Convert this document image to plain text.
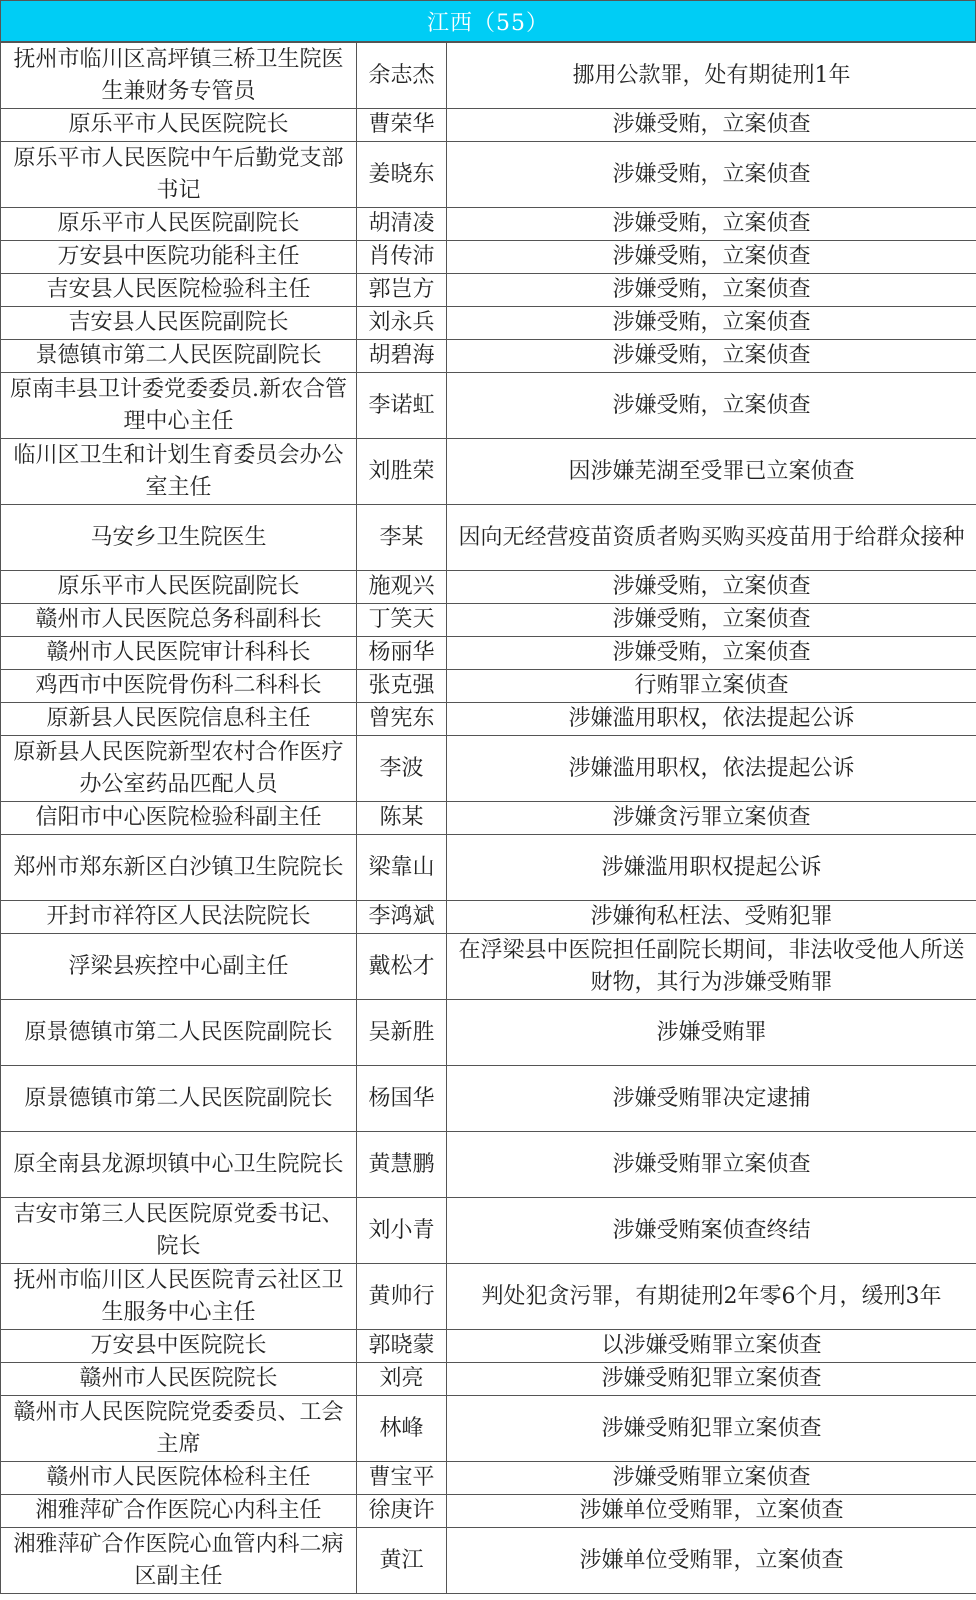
江西（55）
抚州市临川区高坪镇三桥卫生院医生兼财务专管员	余志杰	挪用公款罪，处有期徒刑1年
原乐平市人民医院院长	曹荣华	涉嫌受贿，立案侦查
原乐平市人民医院中午后勤党支部书记	姜晓东	涉嫌受贿，立案侦查
原乐平市人民医院副院长	胡清凌	涉嫌受贿，立案侦查
万安县中医院功能科主任	肖传沛	涉嫌受贿，立案侦查
吉安县人民医院检验科主任	郭岂方	涉嫌受贿，立案侦查
吉安县人民医院副院长	刘永兵	涉嫌受贿，立案侦查
景德镇市第二人民医院副院长	胡碧海	涉嫌受贿，立案侦查
原南丰县卫计委党委委员.新农合管理中心主任	李诺虹	涉嫌受贿，立案侦查
临川区卫生和计划生育委员会办公室主任	刘胜荣	因涉嫌芜湖至受罪已立案侦查
马安乡卫生院医生	李某	因向无经营疫苗资质者购买购买疫苗用于给群众接种
原乐平市人民医院副院长	施观兴	涉嫌受贿，立案侦查
赣州市人民医院总务科副科长	丁笑天	涉嫌受贿，立案侦查
赣州市人民医院审计科科长	杨丽华	涉嫌受贿，立案侦查
鸡西市中医院骨伤科二科科长	张克强	行贿罪立案侦查
原新县人民医院信息科主任	曾宪东	涉嫌滥用职权，依法提起公诉
原新县人民医院新型农村合作医疗办公室药品匹配人员	李波	涉嫌滥用职权，依法提起公诉
信阳市中心医院检验科副主任	陈某	涉嫌贪污罪立案侦查
郑州市郑东新区白沙镇卫生院院长	梁靠山	涉嫌滥用职权提起公诉
开封市祥符区人民法院院长	李鸿斌	涉嫌徇私枉法、受贿犯罪
浮梁县疾控中心副主任	戴松才	在浮梁县中医院担任副院长期间，非法收受他人所送财物，其行为涉嫌受贿罪
原景德镇市第二人民医院副院长	吴新胜	涉嫌受贿罪
原景德镇市第二人民医院副院长	杨国华	涉嫌受贿罪决定逮捕
原全南县龙源坝镇中心卫生院院长	黄慧鹏	涉嫌受贿罪立案侦查
吉安市第三人民医院原党委书记、院长	刘小青	涉嫌受贿案侦查终结
抚州市临川区人民医院青云社区卫生服务中心主任	黄帅行	判处犯贪污罪，有期徒刑2年零6个月，缓刑3年
万安县中医院院长	郭晓蒙	以涉嫌受贿罪立案侦查
赣州市人民医院院长	刘亮	涉嫌受贿犯罪立案侦查
赣州市人民医院院党委委员、工会主席	林峰	涉嫌受贿犯罪立案侦查
赣州市人民医院体检科主任	曹宝平	涉嫌受贿罪立案侦查
湘雅萍矿合作医院心内科主任	徐庚许	涉嫌单位受贿罪，立案侦查
湘雅萍矿合作医院心血管内科二病区副主任	黄江	涉嫌单位受贿罪，立案侦查
